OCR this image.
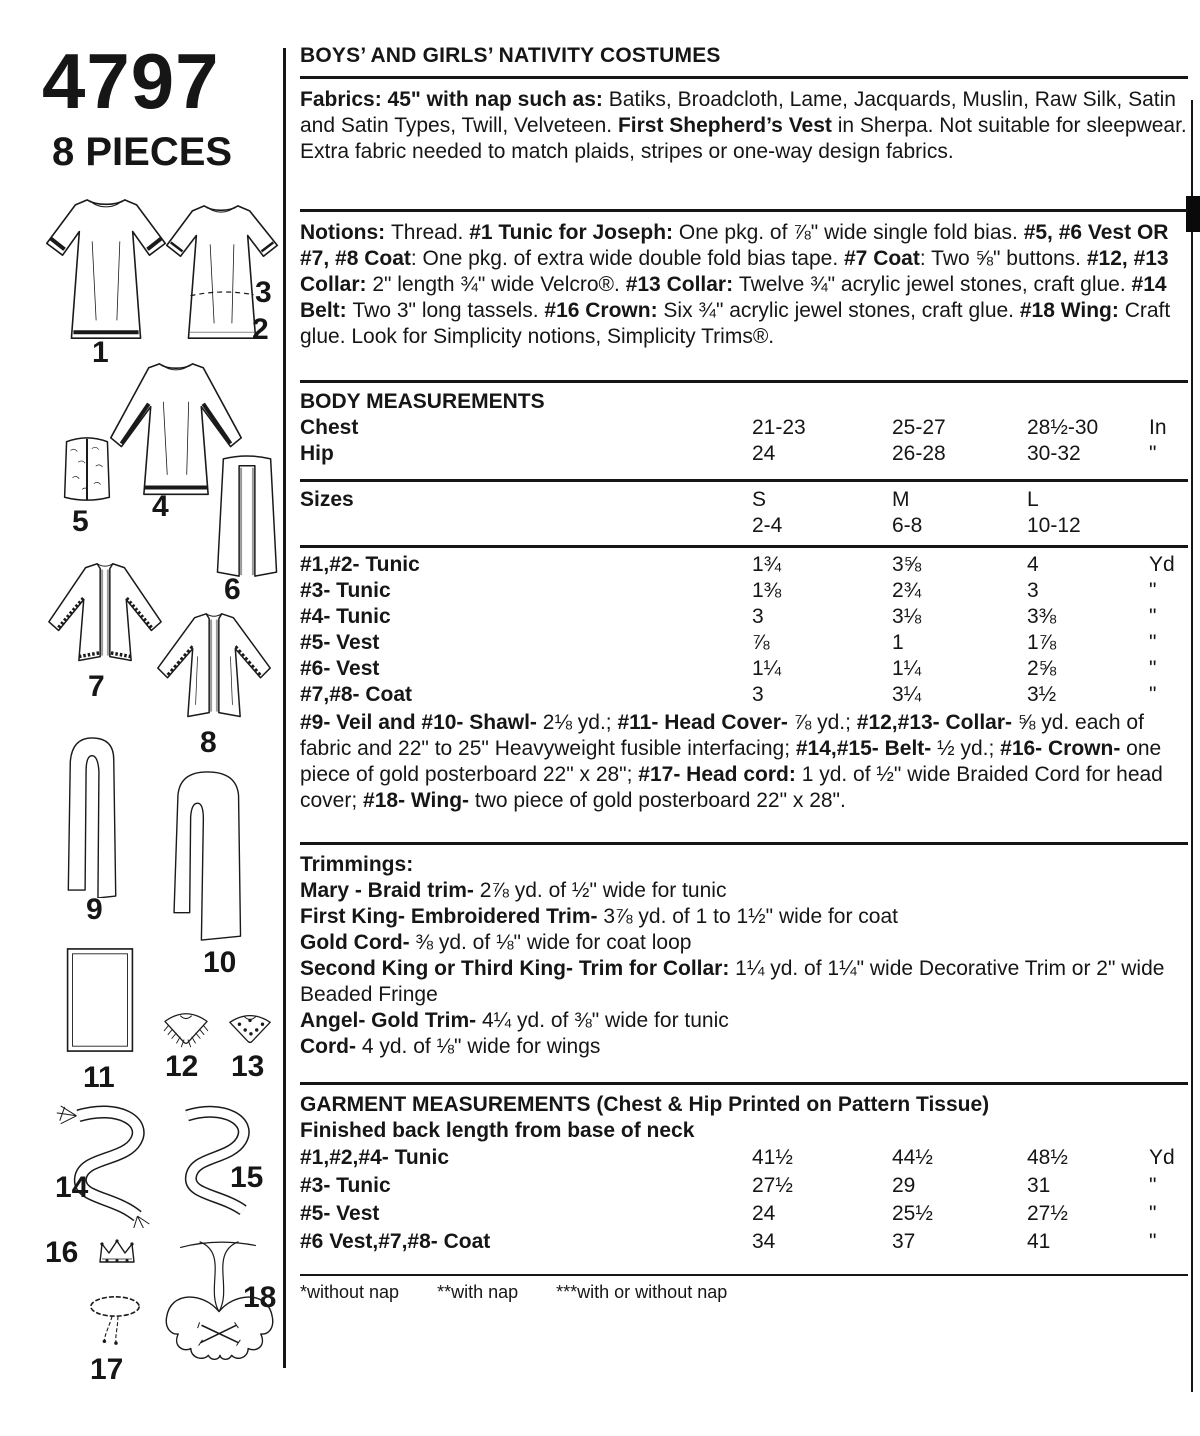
4797
8 PIECES
1
2
3
4
5
6
7
8
9
10
11 12 13
14	15
16
17
18
BOYS’ AND GIRLS’ NATIVITY COSTUMES
Fabrics: 45" with nap such as: Batiks, Broadcloth, Lame, Jacquards, Muslin, Raw Silk, Satin and Satin Types, Twill, Velveteen. First Shepherd’s Vest in Sherpa. Not suitable for sleepwear. Extra fabric needed to match plaids, stripes or one-way design fabrics.
Notions: Thread. #1 Tunic for Joseph: One pkg. of ⅞" wide single fold bias. #5, #6 Vest OR #7, #8 Coat: One pkg. of extra wide double fold bias tape. #7 Coat: Two ⅝" buttons. #12, #13 Collar: 2" length ¾" wide Velcro®. #13 Collar: Twelve ¾" acrylic jewel stones, craft glue. #14 Belt: Two 3" long tassels. #16 Crown: Six ¾" acrylic jewel stones, craft glue. #18 Wing: Craft glue. Look for Simplicity notions, Simplicity Trims®.
BODY MEASUREMENTS
Chest	21-23	25-27	28½-30	In
Hip	24	26-28	30-32	"
Sizes	S	M	L
2-4	6-8	10-12
#1,#2- Tunic	1¾	3⅝	4	Yd
#3- Tunic	1⅜	2¾	3	"
#4- Tunic	3	3⅛	3⅜	"
#5- Vest	⅞	1	1⅞	"
#6- Vest	1¼	1¼	2⅝	"
#7,#8- Coat	3	3¼	3½	"
#9- Veil and #10- Shawl- 2⅛ yd.; #11- Head Cover- ⅞ yd.; #12,#13- Collar- ⅝ yd. each of fabric and 22" to 25" Heavyweight fusible interfacing; #14,#15- Belt- ½ yd.; #16- Crown- one piece of gold posterboard 22" x 28"; #17- Head cord: 1 yd. of ½" wide Braided Cord for head cover; #18- Wing- two piece of gold posterboard 22" x 28".
Trimmings:
Mary - Braid trim- 2⅞ yd. of ½" wide for tunic
First King- Embroidered Trim- 3⅞ yd. of 1 to 1½" wide for coat
Gold Cord- ⅜ yd. of ⅛" wide for coat loop
Second King or Third King- Trim for Collar: 1¼ yd. of 1¼" wide Decorative Trim or 2" wide Beaded Fringe
Angel- Gold Trim- 4¼ yd. of ⅜" wide for tunic
Cord- 4 yd. of ⅛" wide for wings
GARMENT MEASUREMENTS (Chest & Hip Printed on Pattern Tissue)
Finished back length from base of neck
#1,#2,#4- Tunic	41½	44½	48½	Yd
#3- Tunic	27½	29	31	"
#5- Vest	24	25½	27½	"
#6 Vest,#7,#8- Coat	34	37	41	"
*without nap **with nap ***with or without nap
